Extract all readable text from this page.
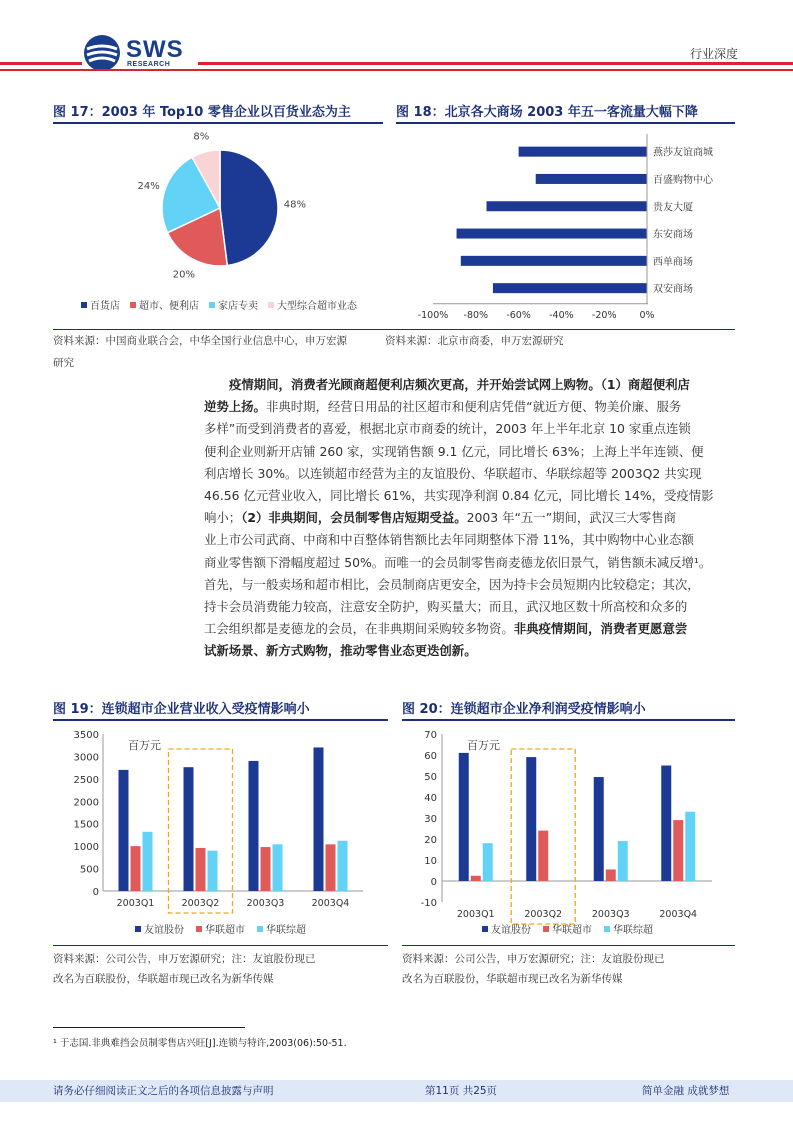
SWS
RESEARCH
行业深度
图 17：2003 年 Top10 零售企业以百货业态为主	图 18：北京各大商场 2003 年五一客流量大幅下降
48%
20%
24%
8%
百货店 超市、便利店 家店专卖 大型综合超市业态
燕莎友谊商城
百盛购物中心
贵友大厦
东安商场
西单商场
双安商场
-100% -80% -60% -40% -20% 0%
资料来源：中国商业联合会，中华全国行业信息中心，申万宏源	资料来源：北京市商委，申万宏源研究
研究
疫情期间，消费者光顾商超便利店频次更高，并开始尝试网上购物。（1）商超便利店
逆势上扬。非典时期，经营日用品的社区超市和便利店凭借“就近方便、物美价廉、服务
多样”而受到消费者的喜爱，根据北京市商委的统计，2003 年上半年北京 10 家重点连锁
便利企业则新开店铺 260 家，实现销售额 9.1 亿元，同比增长 63%；上海上半年连锁、便
利店增长 30%。以连锁超市经营为主的友谊股份、华联超市、华联综超等 2003Q2 共实现
46.56 亿元营业收入，同比增长 61%，共实现净利润 0.84 亿元，同比增长 14%，受疫情影
响小；（2）非典期间，会员制零售店短期受益。2003 年“五一”期间，武汉三大零售商
业上市公司武商、中商和中百整体销售额比去年同期整体下滑 11%，其中购物中心业态额
商业零售额下滑幅度超过 50%。而唯一的会员制零售商麦德龙依旧景气，销售额未减反增¹。
首先，与一般卖场和超市相比，会员制商店更安全，因为持卡会员短期内比较稳定；其次，
持卡会员消费能力较高，注意安全防护，购买量大；而且，武汉地区数十所高校和众多的
工会组织都是麦德龙的会员，在非典期间采购较多物资。非典疫情期间，消费者更愿意尝
试新场景、新方式购物，推动零售业态更迭创新。
图 19：连锁超市企业营业收入受疫情影响小	图 20：连锁超市企业净利润受疫情影响小
0
500
1000
1500
2000
2500
3000
3500
百万元
2003Q1	2003Q2	2003Q3	2003Q4
友谊股份 华联超市 华联综超
-10
0
10
20
30
40
50
60
70
百万元
2003Q1	2003Q2	2003Q3	2003Q4
友谊股份 华联超市 华联综超
资料来源：公司公告，申万宏源研究；注：友谊股份现已
改名为百联股份，华联超市现已改名为新华传媒
资料来源：公司公告，申万宏源研究；注：友谊股份现已
改名为百联股份，华联超市现已改名为新华传媒
¹ 于志国.非典难挡会员制零售店兴旺[J].连锁与特许,2003(06):50-51.
请务必仔细阅读正文之后的各项信息披露与声明	第11页 共25页	简单金融 成就梦想
